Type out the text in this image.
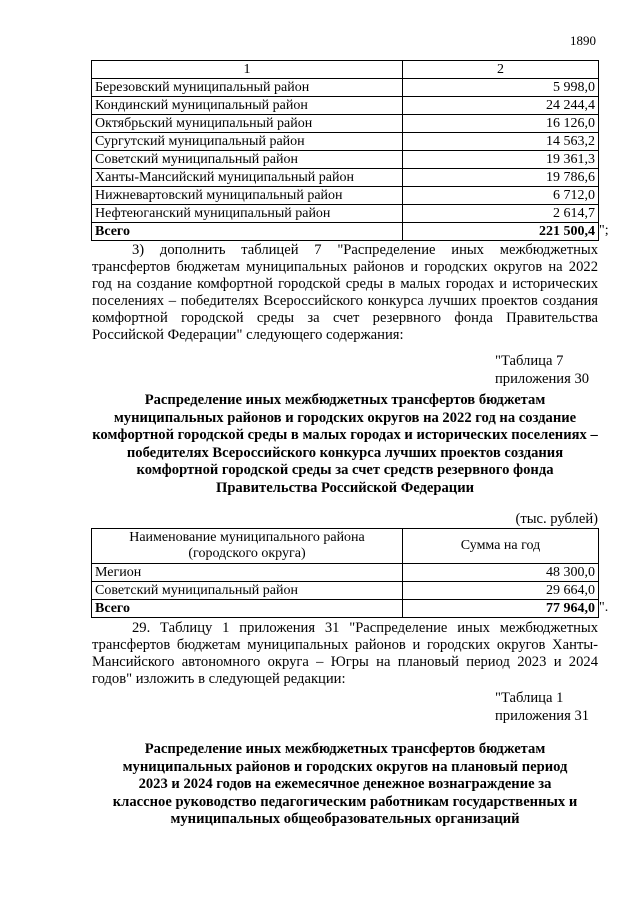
1890
1	2
Березовский муниципальный район	5 998,0
Кондинский муниципальный район	24 244,4
Октябрьский муниципальный район	16 126,0
Сургутский муниципальный район	14 563,2
Советский муниципальный район	19 361,3
Ханты-Мансийский муниципальный район	19 786,6
Нижневартовский муниципальный район	6 712,0
Нефтеюганский муниципальный район	2 614,7
Всего	221 500,4 ";
3) дополнить таблицей 7 "Распределение иных межбюджетных трансфертов бюджетам муниципальных районов и городских округов на 2022 год на создание комфортной городской среды в малых городах и исторических поселениях – победителях Всероссийского конкурса лучших проектов создания комфортной городской среды за счет резервного фонда Правительства Российской Федерации" следующего содержания:
"Таблица 7
приложения 30
Распределение иных межбюджетных трансфертов бюджетам муниципальных районов и городских округов на 2022 год на создание комфортной городской среды в малых городах и исторических поселениях – победителях Всероссийского конкурса лучших проектов создания комфортной городской среды за счет средств резервного фонда Правительства Российской Федерации
(тыс. рублей)
Наименование муниципального района (городского округа)	Сумма на год
Мегион	48 300,0
Советский муниципальный район	29 664,0
Всего	77 964,0 ".
29. Таблицу 1 приложения 31 "Распределение иных межбюджетных трансфертов бюджетам муниципальных районов и городских округов Ханты-Мансийского автономного округа – Югры на плановый период 2023 и 2024 годов" изложить в следующей редакции:
"Таблица 1
приложения 31
Распределение иных межбюджетных трансфертов бюджетам муниципальных районов и городских округов на плановый период 2023 и 2024 годов на ежемесячное денежное вознаграждение за классное руководство педагогическим работникам государственных и муниципальных общеобразовательных организаций
